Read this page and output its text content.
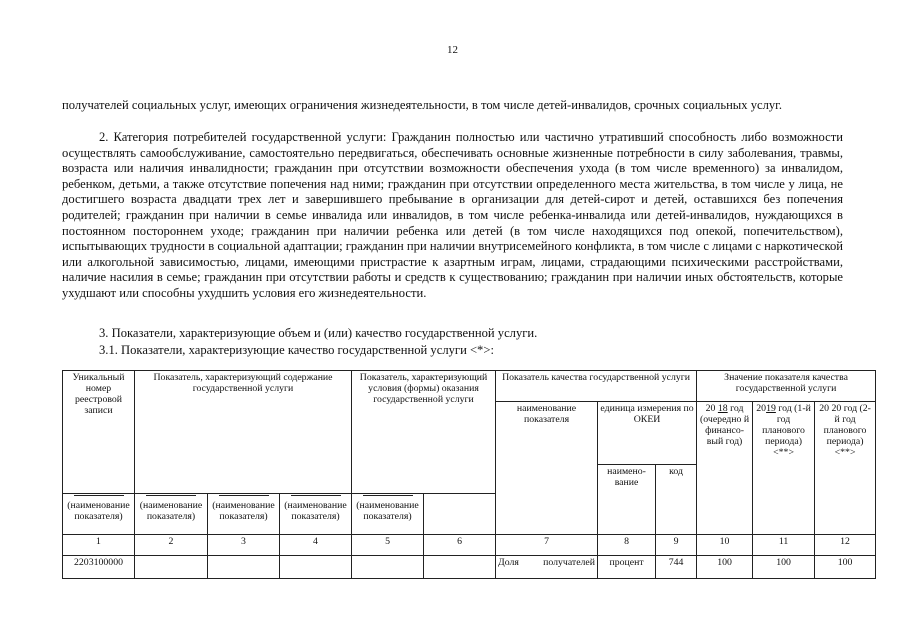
12
получателей социальных услуг, имеющих ограничения жизнедеятельности, в том числе детей-инвалидов, срочных социальных услуг.
2. Категория потребителей государственной услуги: Гражданин полностью или частично утративший способность либо возможности осуществлять самообслуживание, самостоятельно передвигаться, обеспечивать основные жизненные потребности в силу заболевания, травмы, возраста или наличия инвалидности; гражданин при отсутствии возможности обеспечения ухода (в том числе временного) за инвалидом, ребенком, детьми, а также отсутствие попечения над ними; гражданин при отсутствии определенного места жительства, в том числе у лица, не достигшего возраста двадцати трех лет и завершившего пребывание в организации для детей-сирот и детей, оставшихся без попечения родителей; гражданин при наличии в семье инвалида или инвалидов, в том числе ребенка-инвалида или детей-инвалидов, нуждающихся в постоянном постороннем уходе; гражданин при наличии ребенка или детей (в том числе находящихся под опекой, попечительством), испытывающих трудности в социальной адаптации; гражданин при наличии внутрисемейного конфликта, в том числе с лицами с наркотической или алкогольной зависимостью, лицами, имеющими пристрастие к азартным играм, лицами, страдающими психическими расстройствами, наличие насилия в семье; гражданин при отсутствии работы и средств к существованию; гражданин при наличии иных обстоятельств, которые ухудшают или способны ухудшить условия его жизнедеятельности.
3. Показатели, характеризующие объем и (или) качество государственной услуги.
3.1. Показатели, характеризующие качество государственной услуги <*>:
Уникальный номер реестровой записи	Показатель, характеризующий содержание государственной услуги			Показатель, характеризующий условия (формы) оказания государственной услуги		Показатель качества государственной услуги			Значение показателя качества государственной услуги		
						наименование показателя	единица измерения по ОКЕИ		20 18 год (очередно й финансо- вый год)	2019 год (1-й год планового периода) <**>	20 20 год (2-й год планового периода) <**>
							наимено- вание	код			

(наименование показателя)	(наименование показателя)	(наименование показателя)	(наименование показателя)	(наименование показателя)							
1	2	3	4	5	6	7	8	9	10	11	12
2203100000						Доля получателей	процент	744	100	100	100
